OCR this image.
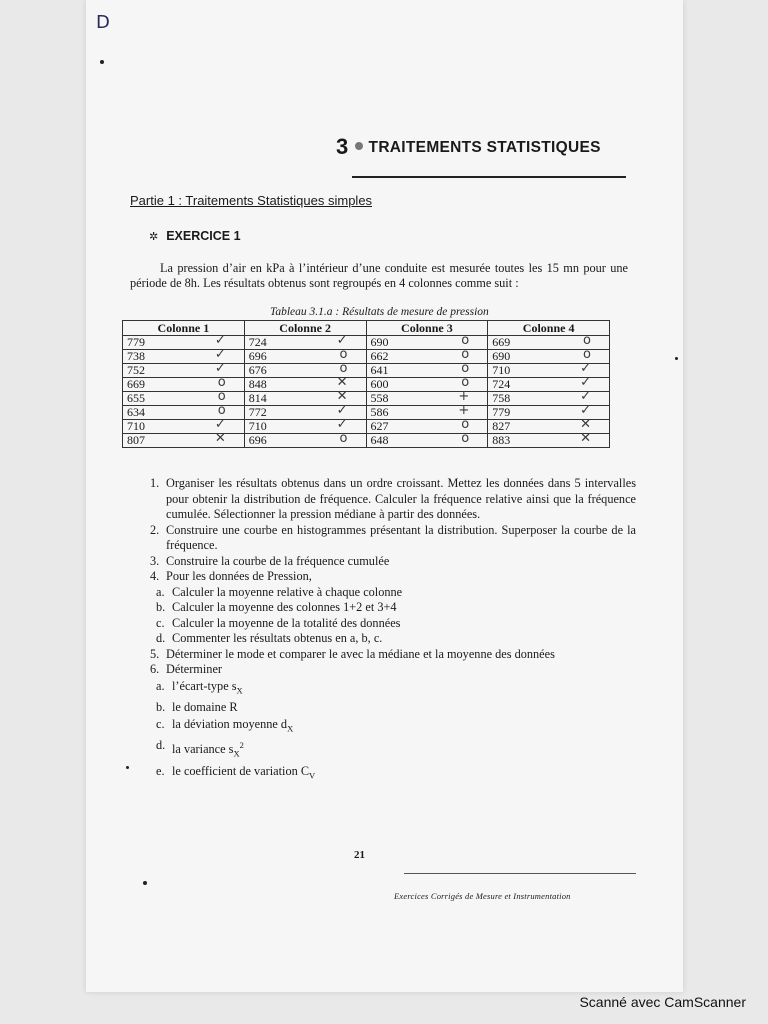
D
3 TRAITEMENTS STATISTIQUES
Partie 1 : Traitements Statistiques simples
✲ EXERCICE 1
La pression d’air en kPa à l’intérieur d’une conduite est mesurée toutes les 15 mn pour une période de 8h. Les résultats obtenus sont regroupés en 4 colonnes comme suit :
Tableau 3.1.a : Résultats de mesure de pression
Colonne 1	Colonne 2	Colonne 3	Colonne 4
779 ✓	724 ✓	690 o	669 o

738 ✓	696 o	662 o	690 o

752 ✓	676 o	641 o	710 ✓

669 o	848 ✕	600 o	724 ✓

655 o	814 ✕	558 +	758 ✓

634 o	772 ✓	586 +	779 ✓

710 ✓	710 ✓	627 o	827 ✕

807 ✕	696 o	648 o	883 ✕
1. Organiser les résultats obtenus dans un ordre croissant. Mettez les données dans 5 intervalles pour obtenir la distribution de fréquence. Calculer la fréquence relative ainsi que la fréquence cumulée. Sélectionner la pression médiane à partir des données.
2. Construire une courbe en histogrammes présentant la distribution. Superposer la courbe de la fréquence.
3. Construire la courbe de la fréquence cumulée
4. Pour les données de Pression,
a. Calculer la moyenne relative à chaque colonne
b. Calculer la moyenne des colonnes 1+2 et 3+4
c. Calculer la moyenne de la totalité des données
d. Commenter les résultats obtenus en a, b, c.
5. Déterminer le mode et comparer le avec la médiane et la moyenne des données
6. Déterminer
a. l’écart-type $s_X$
b. le domaine R
c. la déviation moyenne $d_X$
d. la variance $s_X^2$
e. le coefficient de variation $C_V$
21
Exercices Corrigés de Mesure et Instrumentation
Scanné avec CamScanner
